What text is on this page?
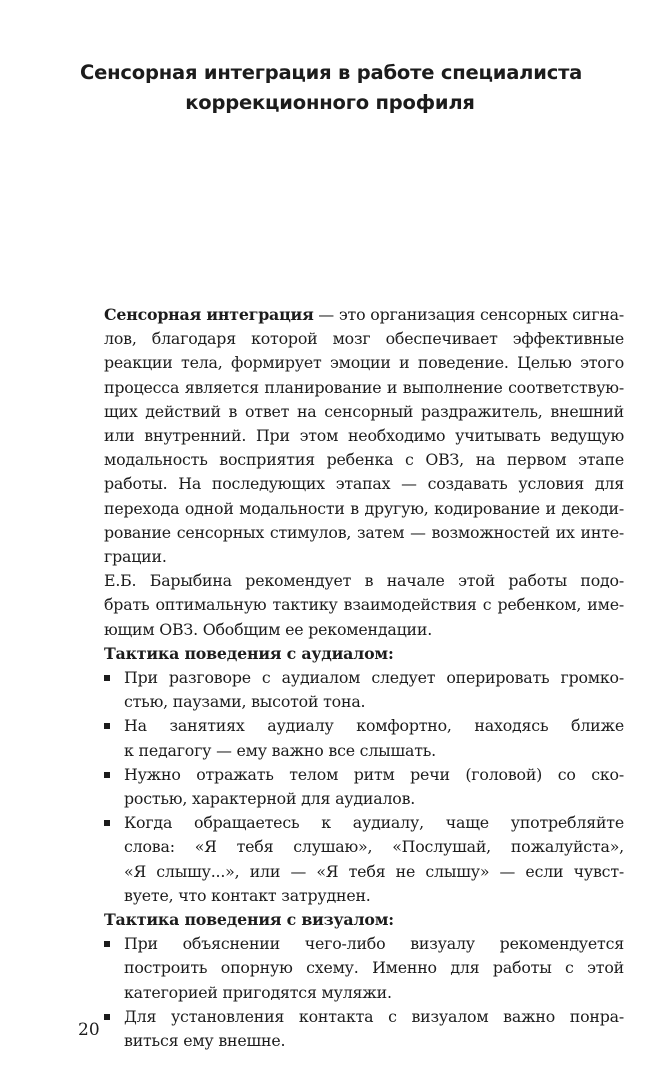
Сенсорная интеграция в работе специалиста
коррекционного профиля

Сенсорная интеграция — это организация сенсорных сигна-
лов, благодаря которой мозг обеспечивает эффективные
реакции тела, формирует эмоции и поведение. Целью этого
процесса является планирование и выполнение соответствую-
щих действий в ответ на сенсорный раздражитель, внешний
или внутренний. При этом необходимо учитывать ведущую
модальность восприятия ребенка с ОВЗ, на первом этапе
работы. На последующих этапах — создавать условия для
перехода одной модальности в другую, кодирование и декоди-
рование сенсорных стимулов, затем — возможностей их инте-
грации.

Е.Б. Барыбина рекомендует в начале этой работы подо-
брать оптимальную тактику взаимодействия с ребенком, име-
ющим ОВЗ. Обобщим ее рекомендации.

Тактика поведения с аудиалом:

При разговоре с аудиалом следует оперировать громко-
стью, паузами, высотой тона.
На занятиях аудиалу комфортно, находясь ближе
к педагогу — ему важно все слышать.
Нужно отражать телом ритм речи (головой) со ско-
ростью, характерной для аудиалов.
Когда обращаетесь к аудиалу, чаще употребляйте
слова: «Я тебя слушаю», «Послушай, пожалуйста»,
«Я слышу...», или — «Я тебя не слышу» — если чувст-
вуете, что контакт затруднен.

Тактика поведения с визуалом:

При объяснении чего-либо визуалу рекомендуется
построить опорную схему. Именно для работы с этой
категорией пригодятся муляжи.
Для установления контакта с визуалом важно понра-
виться ему внешне.
20
